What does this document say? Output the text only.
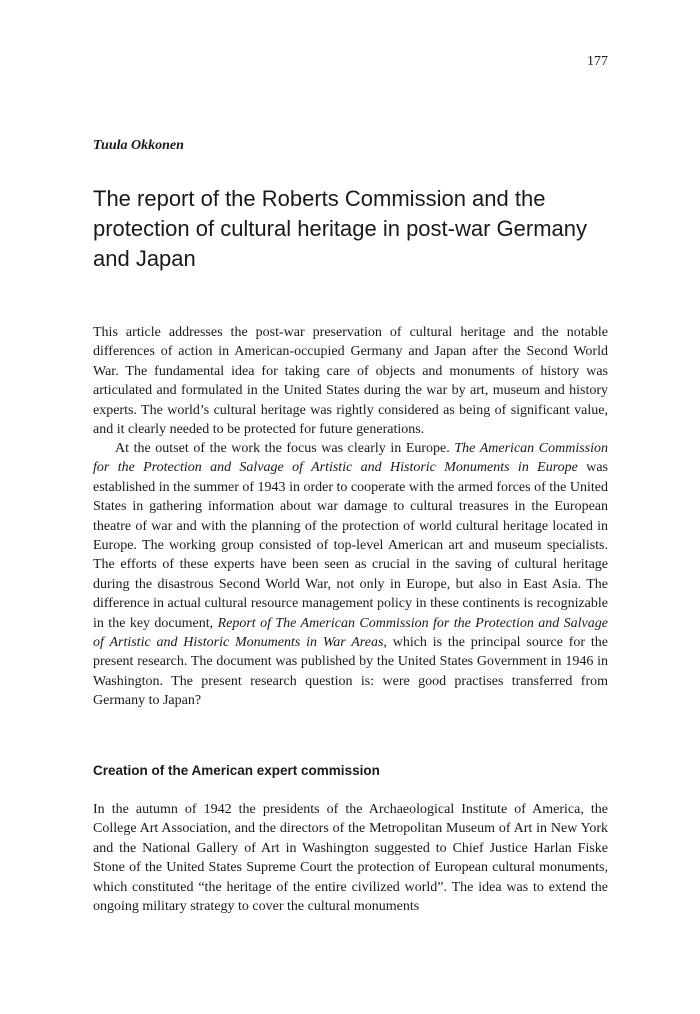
177
Tuula Okkonen
The report of the Roberts Commission and the protection of cultural heritage in post-war Germany and Japan

This article addresses the post-war preservation of cultural heritage and the notable differences of action in American-occupied Germany and Japan after the Second World War. The fundamental idea for taking care of objects and monuments of history was articulated and formulated in the United States during the war by art, museum and history experts. The world’s cultural heritage was rightly considered as being of significant value, and it clearly needed to be protected for future generations.

At the outset of the work the focus was clearly in Europe. The American Commission for the Protection and Salvage of Artistic and Historic Monuments in Europe was established in the summer of 1943 in order to cooperate with the armed forces of the United States in gathering information about war damage to cultural treasures in the European theatre of war and with the planning of the protection of world cultural heritage located in Europe. The working group consisted of top-level American art and museum specialists. The efforts of these experts have been seen as crucial in the saving of cultural heritage during the disastrous Second World War, not only in Europe, but also in East Asia. The difference in actual cultural resource management policy in these continents is recognizable in the key document, Report of The American Commission for the Protection and Salvage of Artistic and Historic Monuments in War Areas, which is the principal source for the present research. The document was published by the United States Government in 1946 in Washington. The present research question is: were good practises transferred from Germany to Japan?

Creation of the American expert commission

In the autumn of 1942 the presidents of the Archaeological Institute of America, the College Art Association, and the directors of the Metropolitan Museum of Art in New York and the National Gallery of Art in Washington suggested to Chief Justice Harlan Fiske Stone of the United States Supreme Court the protection of European cultural monuments, which constituted “the heritage of the entire civilized world”. The idea was to extend the ongoing military strategy to cover the cultural monuments
